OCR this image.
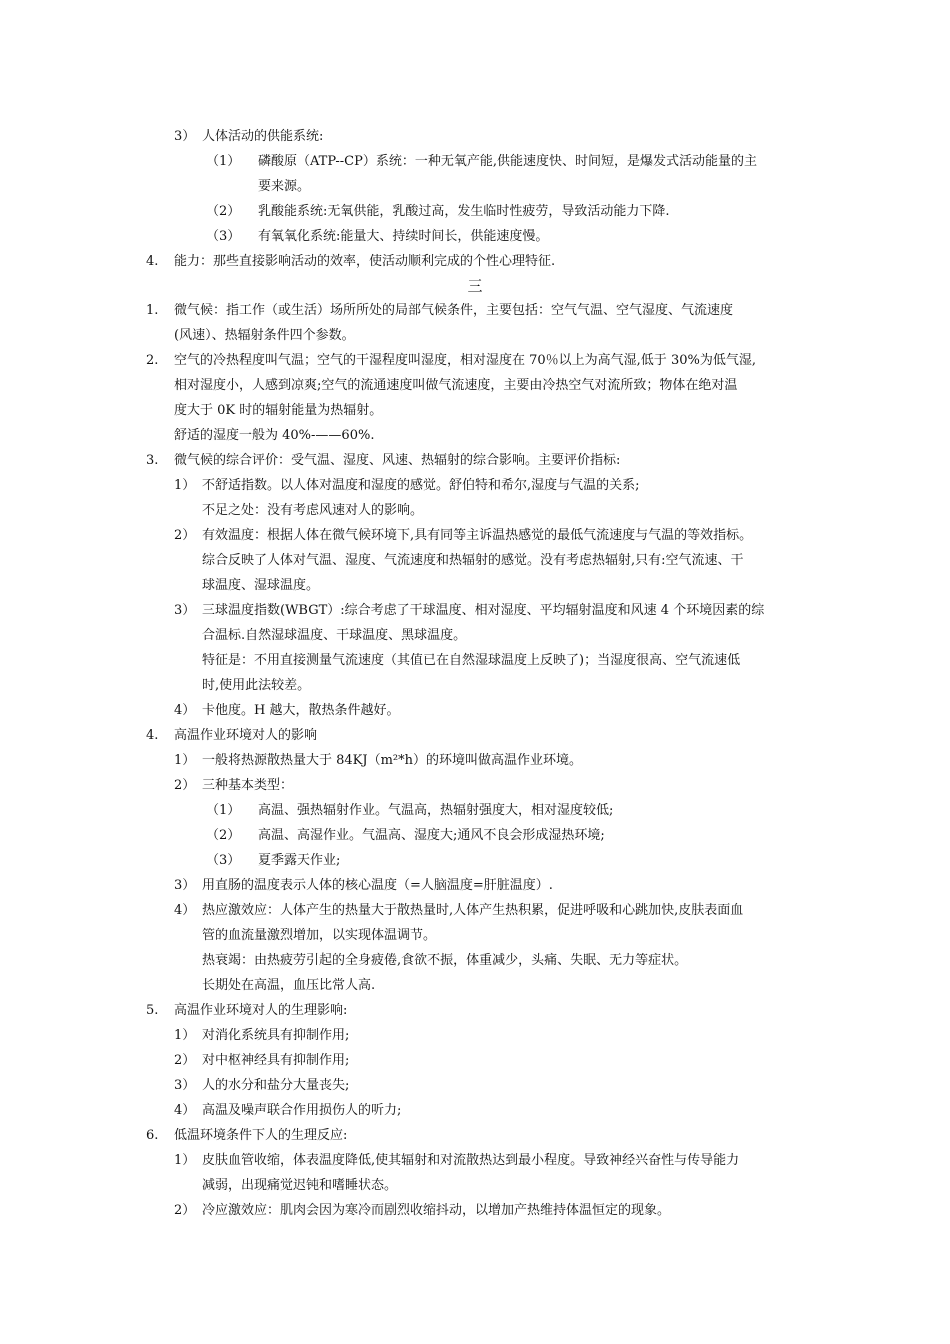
3） 人体活动的供能系统:
（1） 磷酸原（ATP--CP）系统：一种无氧产能,供能速度快、时间短，是爆发式活动能量的主
要来源。
（2） 乳酸能系统:无氧供能，乳酸过高，发生临时性疲劳，导致活动能力下降.
（3） 有氧氧化系统:能量大、持续时间长，供能速度慢。
4. 能力：那些直接影响活动的效率，使活动顺利完成的个性心理特征.
三
1. 微气候：指工作（或生活）场所所处的局部气候条件，主要包括：空气气温、空气湿度、气流速度
(风速）、热辐射条件四个参数。
2. 空气的冷热程度叫气温；空气的干湿程度叫湿度，相对湿度在 70％以上为高气湿,低于 30%为低气湿,
相对湿度小，人感到凉爽;空气的流通速度叫做气流速度，主要由冷热空气对流所致；物体在绝对温
度大于 0K 时的辐射能量为热辐射。
舒适的湿度一般为 40%-——60%.
3. 微气候的综合评价：受气温、湿度、风速、热辐射的综合影响。主要评价指标:
1） 不舒适指数。以人体对温度和湿度的感觉。舒伯特和希尔,湿度与气温的关系;
不足之处：没有考虑风速对人的影响。
2） 有效温度：根据人体在微气候环境下,具有同等主诉温热感觉的最低气流速度与气温的等效指标。
综合反映了人体对气温、湿度、气流速度和热辐射的感觉。没有考虑热辐射,只有:空气流速、干
球温度、湿球温度。
3） 三球温度指数(WBGT）:综合考虑了干球温度、相对湿度、平均辐射温度和风速 4 个环境因素的综
合温标.自然湿球温度、干球温度、黑球温度。
特征是：不用直接测量气流速度（其值已在自然湿球温度上反映了)；当湿度很高、空气流速低
时,使用此法较差。
4） 卡他度。H 越大，散热条件越好。
4. 高温作业环境对人的影响
1） 一般将热源散热量大于 84KJ（m²*h）的环境叫做高温作业环境。
2） 三种基本类型：
（1） 高温、强热辐射作业。气温高，热辐射强度大，相对湿度较低;
（2） 高温、高湿作业。气温高、湿度大;通风不良会形成湿热环境;
（3） 夏季露天作业;
3） 用直肠的温度表示人体的核心温度（=人脑温度=肝脏温度）.
4） 热应激效应：人体产生的热量大于散热量时,人体产生热积累，促进呼吸和心跳加快,皮肤表面血
管的血流量激烈增加，以实现体温调节。
热衰竭：由热疲劳引起的全身疲倦,食欲不振，体重减少，头痛、失眠、无力等症状。
长期处在高温，血压比常人高.
5. 高温作业环境对人的生理影响:
1） 对消化系统具有抑制作用;
2） 对中枢神经具有抑制作用;
3） 人的水分和盐分大量丧失;
4） 高温及噪声联合作用损伤人的听力;
6. 低温环境条件下人的生理反应:
1） 皮肤血管收缩，体表温度降低,使其辐射和对流散热达到最小程度。导致神经兴奋性与传导能力
减弱，出现痛觉迟钝和嗜睡状态。
2） 冷应激效应：肌肉会因为寒冷而剧烈收缩抖动，以增加产热维持体温恒定的现象。
